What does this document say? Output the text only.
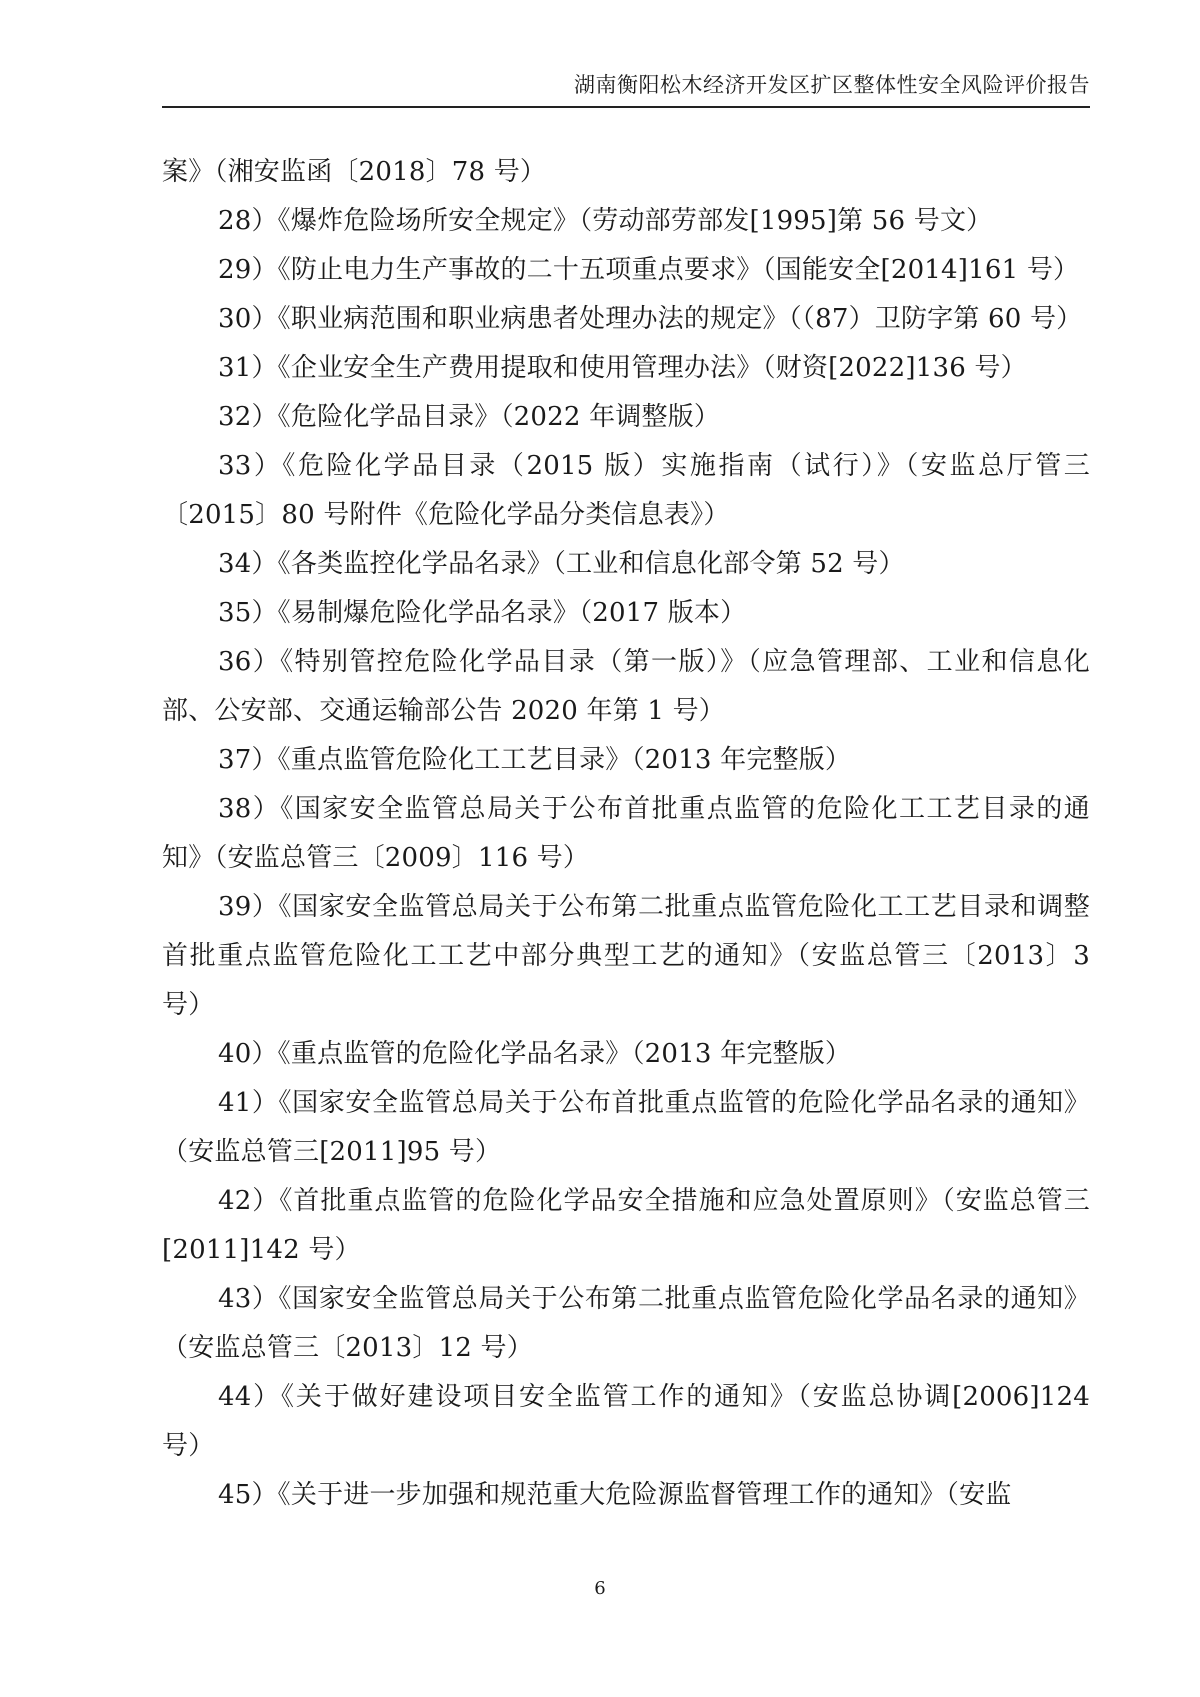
湖南衡阳松木经济开发区扩区整体性安全风险评价报告

案》（湘安监函〔2018〕78 号）

28）《爆炸危险场所安全规定》（劳动部劳部发[1995]第 56 号文）

29）《防止电力生产事故的二十五项重点要求》（国能安全[2014]161 号）

30）《职业病范围和职业病患者处理办法的规定》（（87）卫防字第 60 号）

31）《企业安全生产费用提取和使用管理办法》（财资[2022]136 号）

32）《危险化学品目录》（2022 年调整版）

33）《危险化学品目录（2015 版）实施指南（试行）》（安监总厅管三〔2015〕80 号附件《危险化学品分类信息表》）

34）《各类监控化学品名录》（工业和信息化部令第 52 号）

35）《易制爆危险化学品名录》（2017 版本）

36）《特别管控危险化学品目录（第一版）》（应急管理部、工业和信息化部、公安部、交通运输部公告 2020 年第 1 号）

37）《重点监管危险化工工艺目录》（2013 年完整版）

38）《国家安全监管总局关于公布首批重点监管的危险化工工艺目录的通知》（安监总管三〔2009〕116 号）

39）《国家安全监管总局关于公布第二批重点监管危险化工工艺目录和调整首批重点监管危险化工工艺中部分典型工艺的通知》（安监总管三〔2013〕3 号）

40）《重点监管的危险化学品名录》（2013 年完整版）

41）《国家安全监管总局关于公布首批重点监管的危险化学品名录的通知》（安监总管三[2011]95 号）

42）《首批重点监管的危险化学品安全措施和应急处置原则》（安监总管三[2011]142 号）

43）《国家安全监管总局关于公布第二批重点监管危险化学品名录的通知》（安监总管三〔2013〕12 号）

44）《关于做好建设项目安全监管工作的通知》（安监总协调[2006]124 号）

45）《关于进一步加强和规范重大危险源监督管理工作的通知》（安监

6
